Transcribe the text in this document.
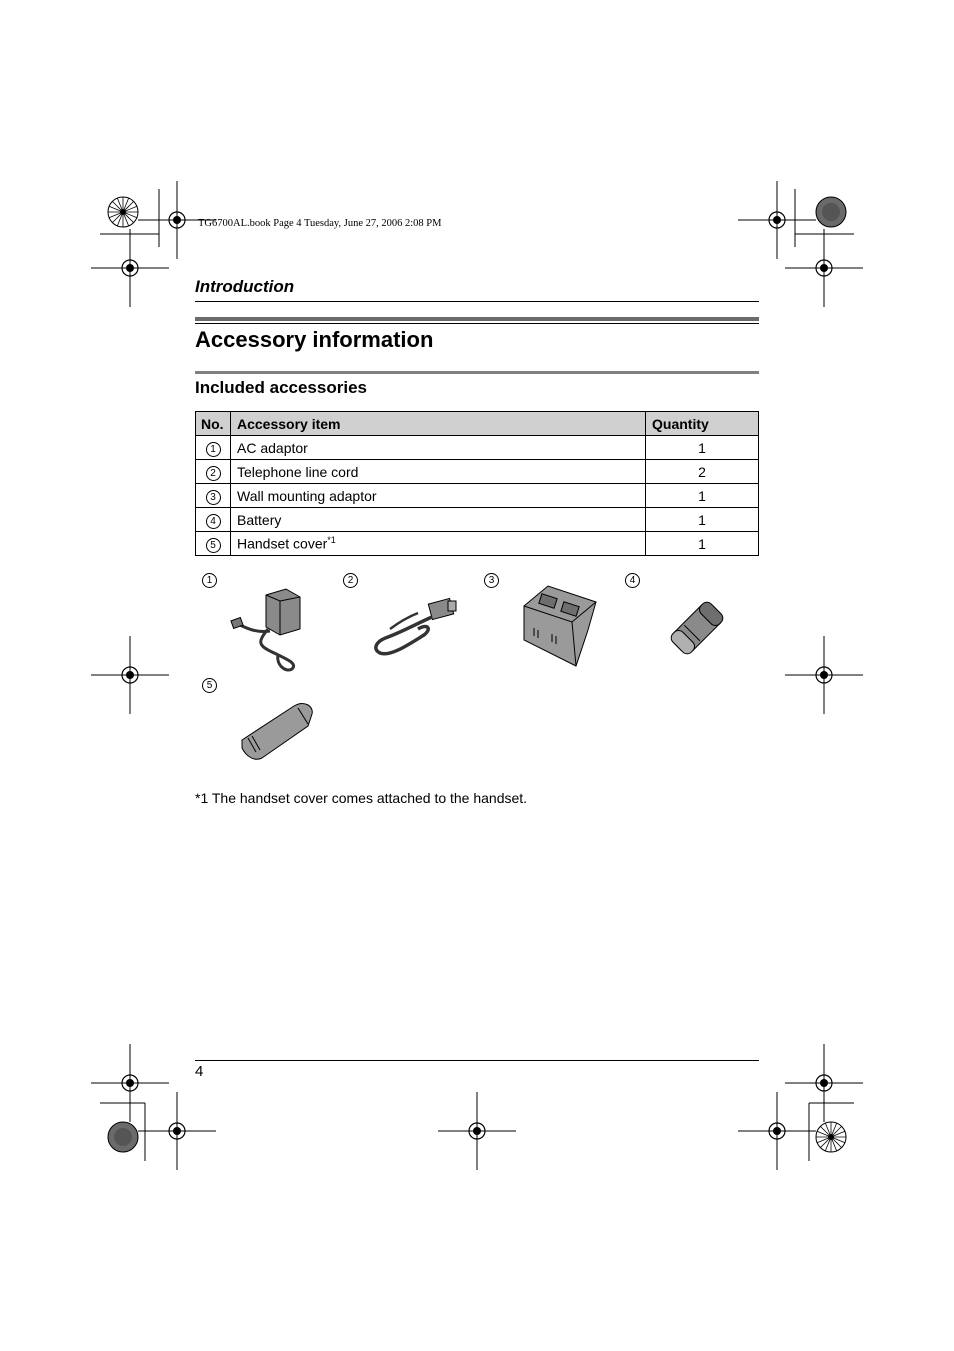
TG6700AL.book Page 4 Tuesday, June 27, 2006 2:08 PM
Introduction
Accessory information
Included accessories
No.	Accessory item	Quantity
1	AC adaptor	1
2	Telephone line cord	2
3	Wall mounting adaptor	1
4	Battery	1
5	Handset cover$^{*1}$	1
1	2	3	4
5
*1 The handset cover comes attached to the handset.
4
